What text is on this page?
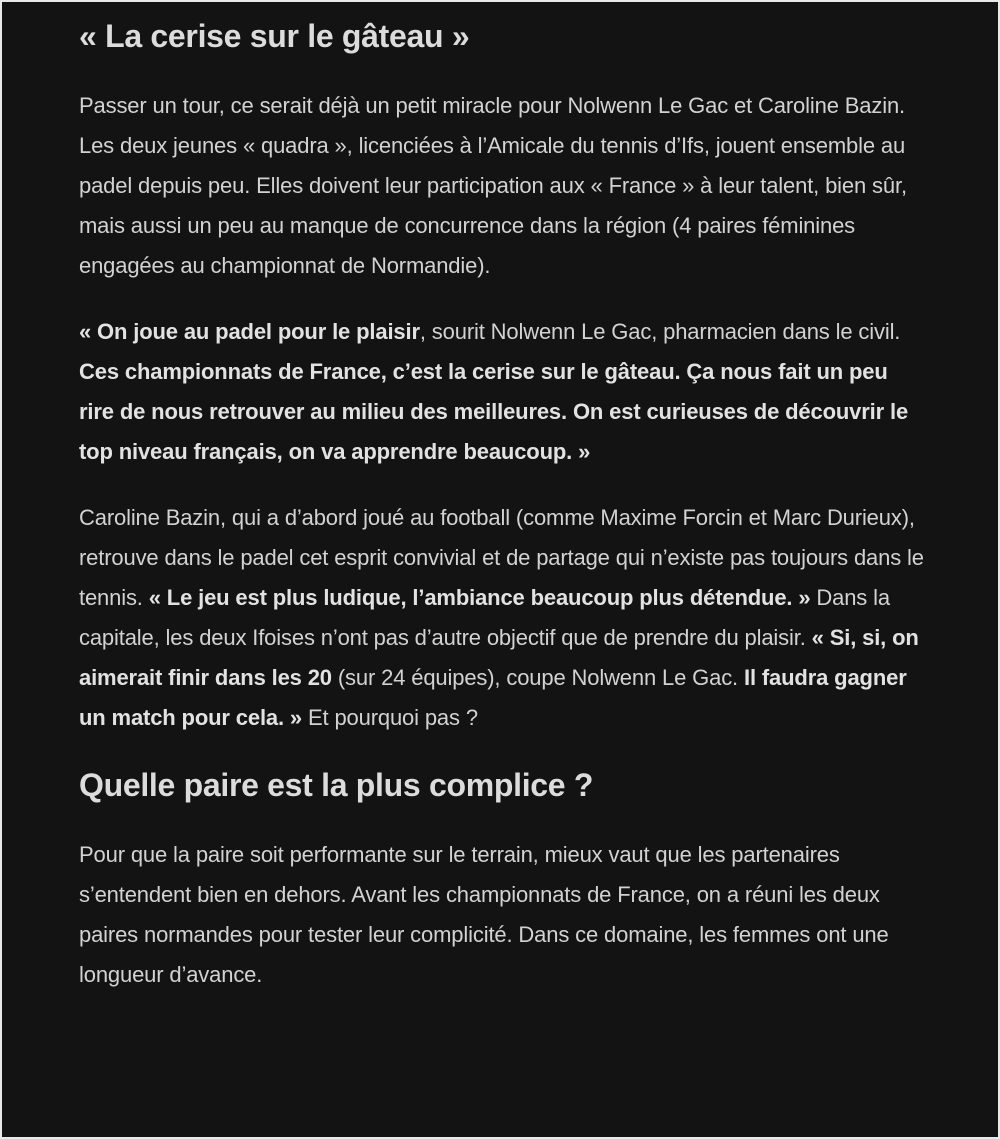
« La cerise sur le gâteau »

Passer un tour, ce serait déjà un petit miracle pour Nolwenn Le Gac et Caroline Bazin. Les deux jeunes « quadra », licenciées à l’Amicale du tennis d’Ifs, jouent ensemble au padel depuis peu. Elles doivent leur participation aux « France » à leur talent, bien sûr, mais aussi un peu au manque de concurrence dans la région (4 paires féminines engagées au championnat de Normandie).

« On joue au padel pour le plaisir, sourit Nolwenn Le Gac, pharmacien dans le civil. Ces championnats de France, c’est la cerise sur le gâteau. Ça nous fait un peu rire de nous retrouver au milieu des meilleures. On est curieuses de découvrir le top niveau français, on va apprendre beaucoup. »

Caroline Bazin, qui a d’abord joué au football (comme Maxime Forcin et Marc Durieux), retrouve dans le padel cet esprit convivial et de partage qui n’existe pas toujours dans le tennis. « Le jeu est plus ludique, l’ambiance beaucoup plus détendue. » Dans la capitale, les deux Ifoises n’ont pas d’autre objectif que de prendre du plaisir. « Si, si, on aimerait finir dans les 20 (sur 24 équipes), coupe Nolwenn Le Gac. Il faudra gagner un match pour cela. » Et pourquoi pas ?

Quelle paire est la plus complice ?

Pour que la paire soit performante sur le terrain, mieux vaut que les partenaires s’entendent bien en dehors. Avant les championnats de France, on a réuni les deux paires normandes pour tester leur complicité. Dans ce domaine, les femmes ont une longueur d’avance.
